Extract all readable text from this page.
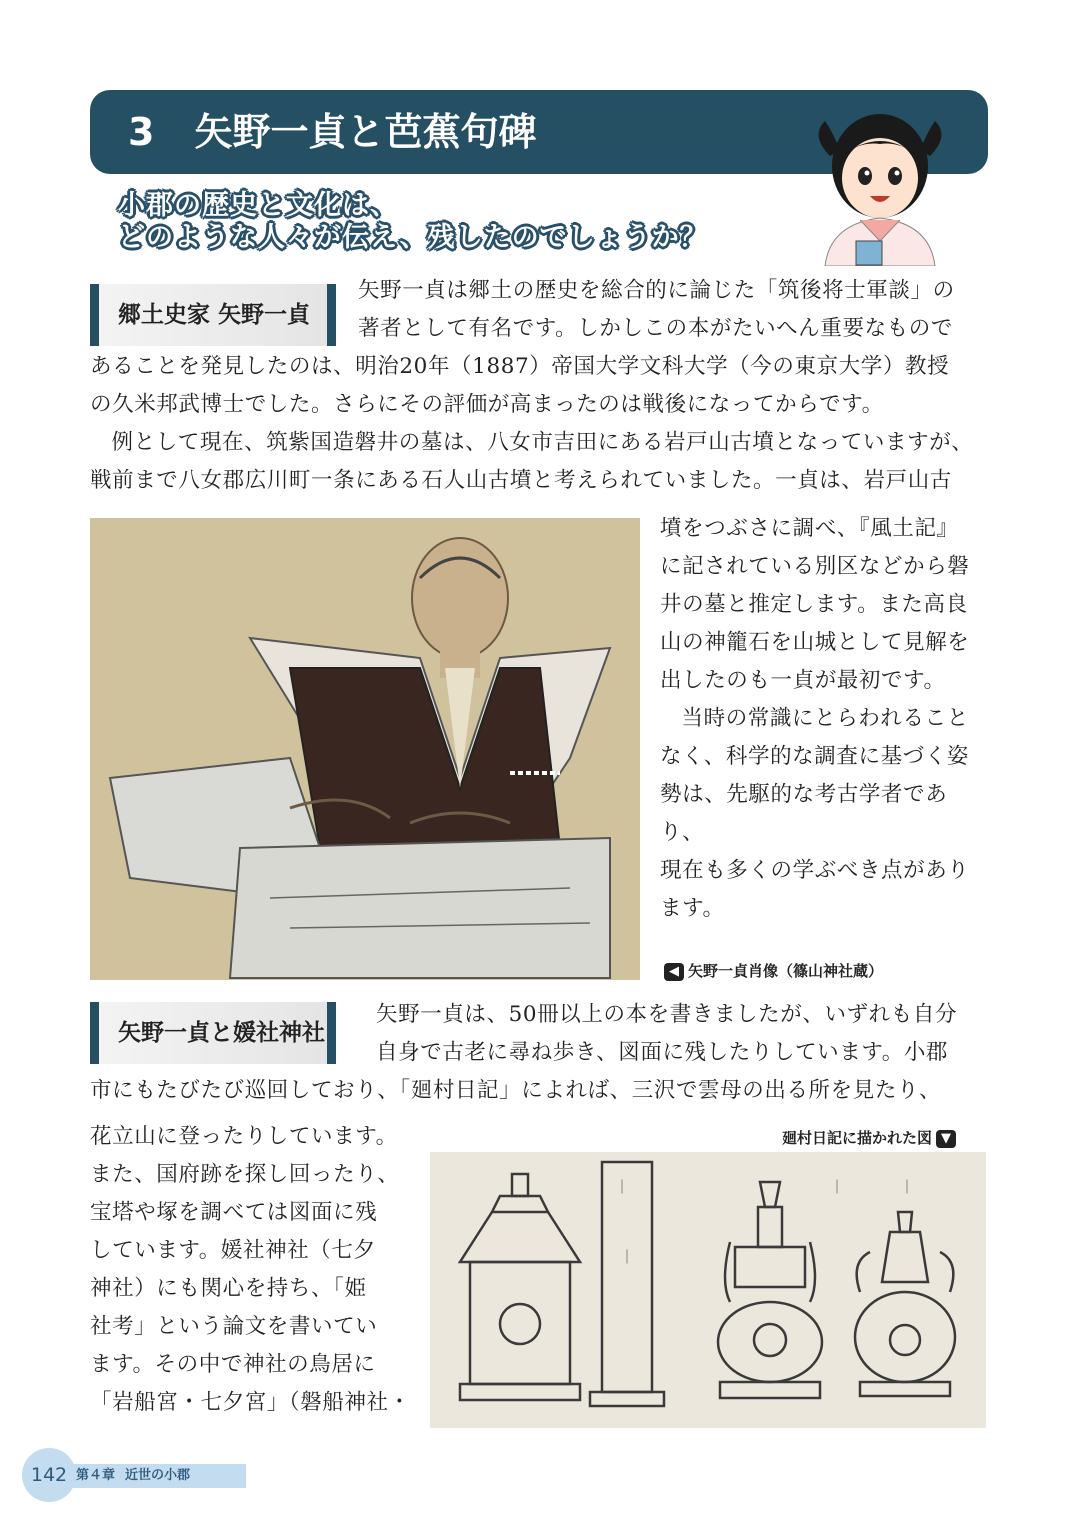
3 矢野一貞と芭蕉句碑
小郡の歴史と文化は、
どのような人々が伝え、残したのでしょうか？
郷土史家 矢野一貞

矢野一貞は郷土の歴史を総合的に論じた「筑後将士軍談」の

著者として有名です。しかしこの本がたいへん重要なもので

あることを発見したのは、明治20年（1887）帝国大学文科大学（今の東京大学）教授

の久米邦武博士でした。さらにその評価が高まったのは戦後になってからです。

例として現在、筑紫国造磐井の墓は、八女市吉田にある岩戸山古墳となっていますが、

戦前まで八女郡広川町一条にある石人山古墳と考えられていました。一貞は、岩戸山古

墳をつぶさに調べ、『風土記』

に記されている別区などから磐

井の墓と推定します。また高良

山の神籠石を山城として見解を

出したのも一貞が最初です。

当時の常識にとらわれること

なく、科学的な調査に基づく姿

勢は、先駆的な考古学者であり、

現在も多くの学ぶべき点があり

ます。

◀ 矢野一貞肖像（篠山神社蔵）
矢野一貞と媛社神社

矢野一貞は、50冊以上の本を書きましたが、いずれも自分

自身で古老に尋ね歩き、図面に残したりしています。小郡

市にもたびたび巡回しており、「廻村日記」によれば、三沢で雲母の出る所を見たり、

花立山に登ったりしています。

また、国府跡を探し回ったり、

宝塔や塚を調べては図面に残

しています。媛社神社（七夕

神社）にも関心を持ち、「姫

社考」という論文を書いてい

ます。その中で神社の鳥居に

「岩船宮・七夕宮」（磐船神社・

廻村日記に描かれた図 ▼
｜
｜
｜	｜
142 第４章 近世の小郡
